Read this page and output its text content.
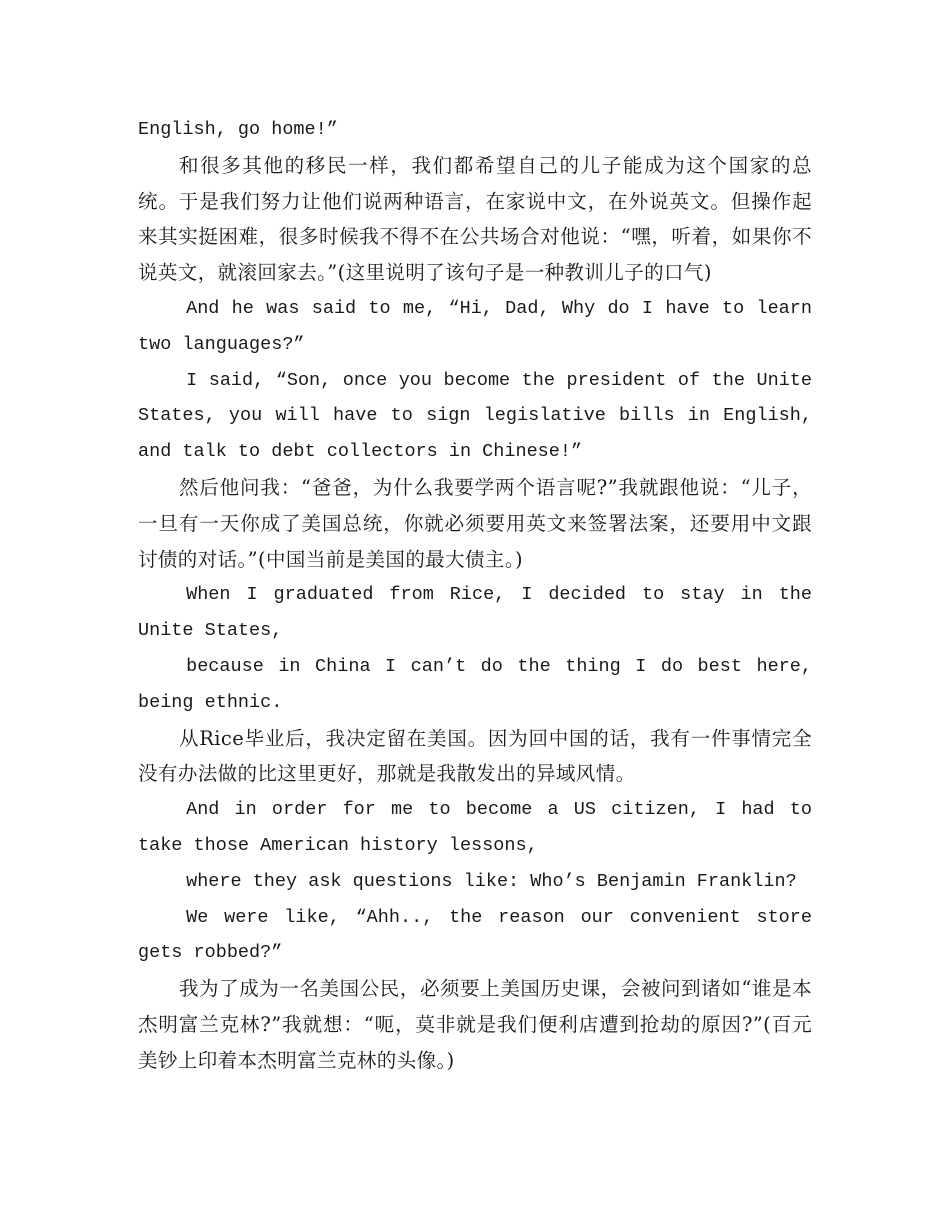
English, go home!”

和很多其他的移民一样，我们都希望自己的儿子能成为这个国家的总统。于是我们努力让他们说两种语言，在家说中文，在外说英文。但操作起来其实挺困难，很多时候我不得不在公共场合对他说：“嘿，听着，如果你不说英文，就滚回家去。”(这里说明了该句子是一种教训儿子的口气)

And he was said to me, “Hi, Dad, Why do I have to learn two languages?”

I said, “Son, once you become the president of the Unite States, you will have to sign legislative bills in English, and talk to debt collectors in Chinese!”

然后他问我：“爸爸，为什么我要学两个语言呢?”我就跟他说：“儿子，一旦有一天你成了美国总统，你就必须要用英文来签署法案，还要用中文跟讨债的对话。”(中国当前是美国的最大债主。)

When I graduated from Rice, I decided to stay in the Unite States,

because in China I can’t do the thing I do best here, being ethnic.

从Rice毕业后，我决定留在美国。因为回中国的话，我有一件事情完全没有办法做的比这里更好，那就是我散发出的异域风情。

And in order for me to become a US citizen, I had to take those American history lessons,

where they ask questions like: Who’s Benjamin Franklin?

We were like, “Ahh.., the reason our convenient store gets robbed?”

我为了成为一名美国公民，必须要上美国历史课，会被问到诸如“谁是本杰明富兰克林?”我就想：“呃，莫非就是我们便利店遭到抢劫的原因?”(百元美钞上印着本杰明富兰克林的头像。)
